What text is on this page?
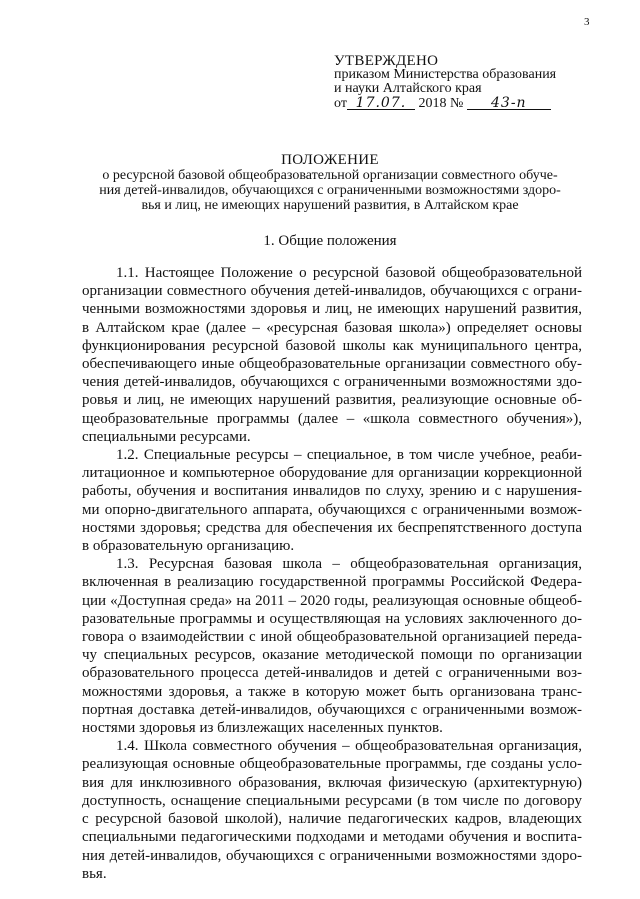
3
УТВЕРЖДЕНО
приказом Министерства образования
и науки Алтайского края
от 17.07. 2018 № 43-п
ПОЛОЖЕНИЕ
о ресурсной базовой общеобразовательной организации совместного обуче-
ния детей-инвалидов, обучающихся с ограниченными возможностями здоро-
вья и лиц, не имеющих нарушений развития, в Алтайском крае
1. Общие положения
1.1. Настоящее Положение о ресурсной базовой общеобразовательной
организации совместного обучения детей-инвалидов, обучающихся с ограни-
ченными возможностями здоровья и лиц, не имеющих нарушений развития,
в Алтайском крае (далее – «ресурсная базовая школа») определяет основы
функционирования ресурсной базовой школы как муниципального центра,
обеспечивающего иные общеобразовательные организации совместного обу-
чения детей-инвалидов, обучающихся с ограниченными возможностями здо-
ровья и лиц, не имеющих нарушений развития, реализующие основные об-
щеобразовательные программы (далее – «школа совместного обучения»),
специальными ресурсами.
1.2. Специальные ресурсы – специальное, в том числе учебное, реаби-
литационное и компьютерное оборудование для организации коррекционной
работы, обучения и воспитания инвалидов по слуху, зрению и с нарушения-
ми опорно-двигательного аппарата, обучающихся с ограниченными возмож-
ностями здоровья; средства для обеспечения их беспрепятственного доступа
в образовательную организацию.
1.3. Ресурсная базовая школа – общеобразовательная организация,
включенная в реализацию государственной программы Российской Федера-
ции «Доступная среда» на 2011 – 2020 годы, реализующая основные общеоб-
разовательные программы и осуществляющая на условиях заключенного до-
говора о взаимодействии с иной общеобразовательной организацией переда-
чу специальных ресурсов, оказание методической помощи по организации
образовательного процесса детей-инвалидов и детей с ограниченными воз-
можностями здоровья, а также в которую может быть организована транс-
портная доставка детей-инвалидов, обучающихся с ограниченными возмож-
ностями здоровья из близлежащих населенных пунктов.
1.4. Школа совместного обучения – общеобразовательная организация,
реализующая основные общеобразовательные программы, где созданы усло-
вия для инклюзивного образования, включая физическую (архитектурную)
доступность, оснащение специальными ресурсами (в том числе по договору
с ресурсной базовой школой), наличие педагогических кадров, владеющих
специальными педагогическими подходами и методами обучения и воспита-
ния детей-инвалидов, обучающихся с ограниченными возможностями здоро-
вья.
